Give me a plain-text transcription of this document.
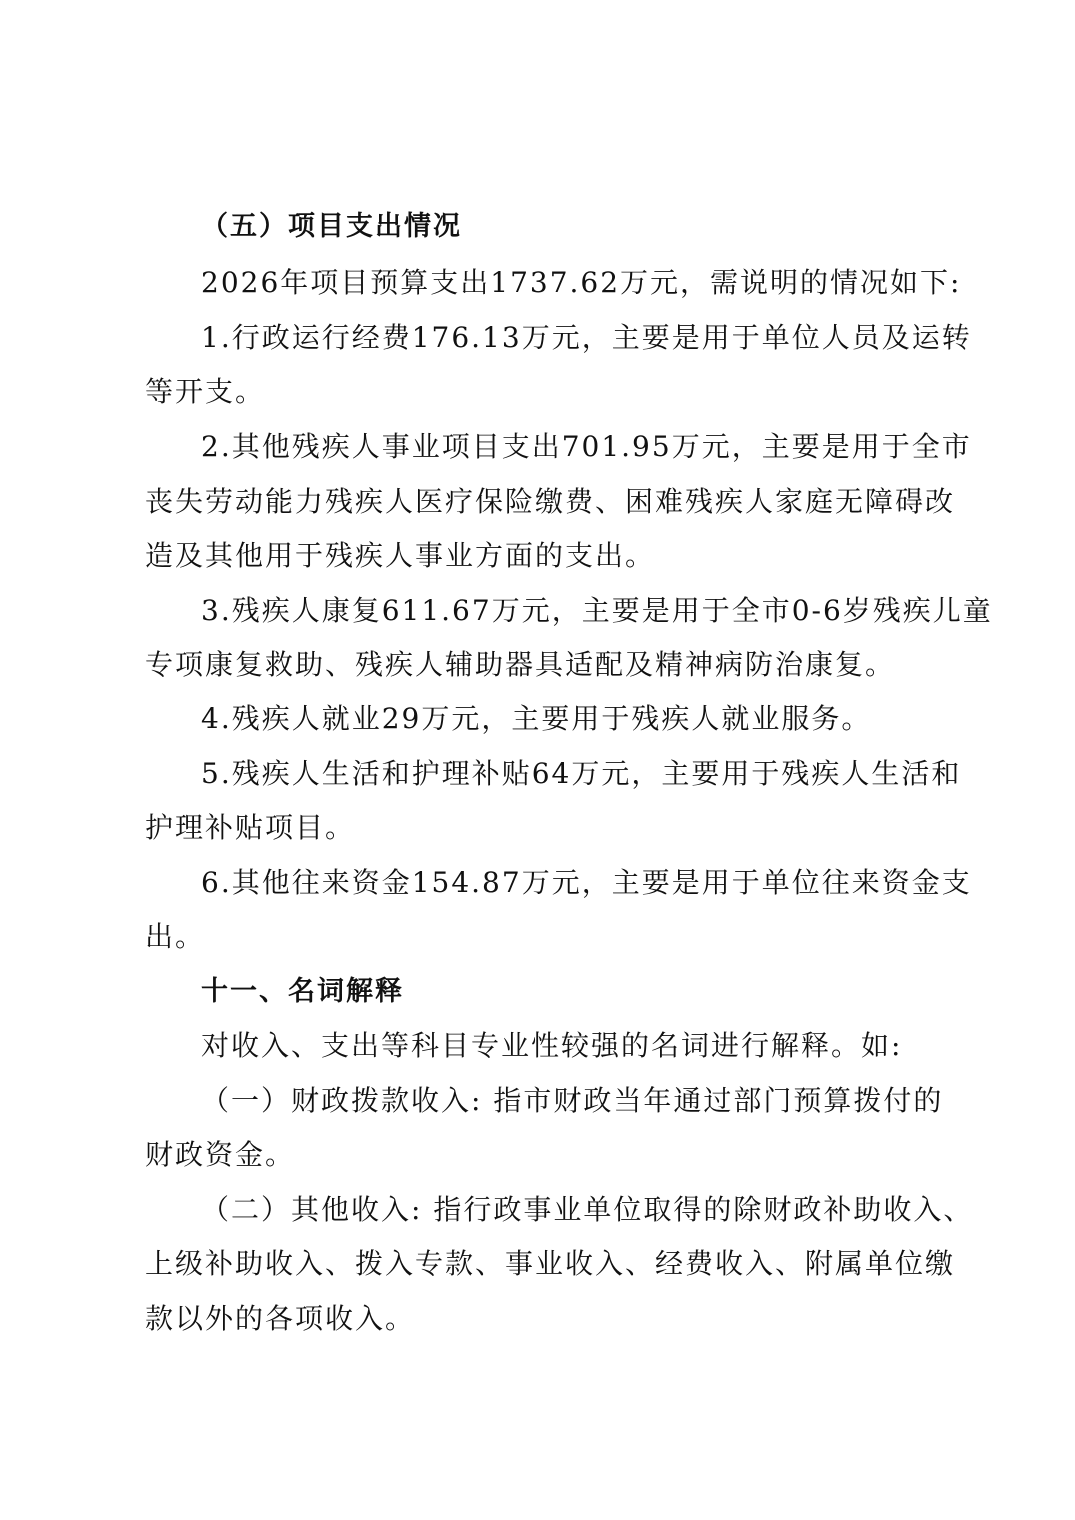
（五）项目支出情况

2026年项目预算支出1737.62万元，需说明的情况如下:

1.行政运行经费176.13万元，主要是用于单位人员及运转

等开支。

2.其他残疾人事业项目支出701.95万元，主要是用于全市

丧失劳动能力残疾人医疗保险缴费、困难残疾人家庭无障碍改

造及其他用于残疾人事业方面的支出。

3.残疾人康复611.67万元，主要是用于全市0-6岁残疾儿童

专项康复救助、残疾人辅助器具适配及精神病防治康复。

4.残疾人就业29万元，主要用于残疾人就业服务。

5.残疾人生活和护理补贴64万元，主要用于残疾人生活和

护理补贴项目。

6.其他往来资金154.87万元，主要是用于单位往来资金支

出。

十一、名词解释

对收入、支出等科目专业性较强的名词进行解释。如:

（一）财政拨款收入: 指市财政当年通过部门预算拨付的

财政资金。

（二）其他收入: 指行政事业单位取得的除财政补助收入、

上级补助收入、拨入专款、事业收入、经费收入、附属单位缴

款以外的各项收入。
